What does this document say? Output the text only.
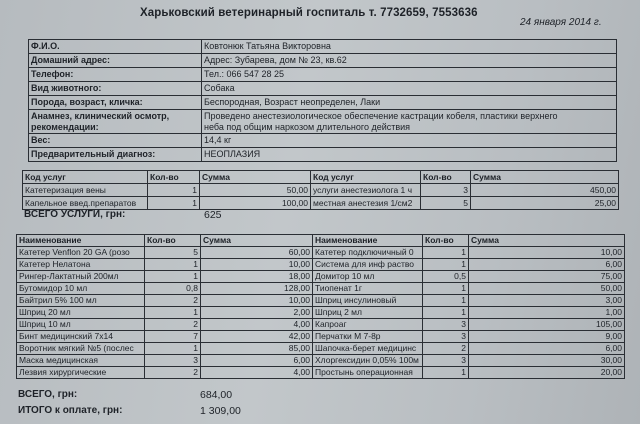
Харьковский ветеринарный госпиталь т. 7732659, 7553636
24 января 2014 г.
Ф.И.О.	Ковтонюк Татьяна Викторовна
Домашний адрес:	Адрес: Зубарева, дом № 23, кв.62
Телефон:	Тел.: 066 547 28 25
Вид животного:	Собака
Порода, возраст, кличка:	Беспородная, Возраст неопределен, Лаки
Анамнез, клинический осмотр,
рекомендации:	Проведено анестезиологическое обеспечение кастрации кобеля, пластики верхнего
неба под общим наркозом длительного действия
Вес:	14,4 кг
Предварительный диагноз:	НЕОПЛАЗИЯ
Код услуг	Кол-во	Сумма	Код услуг	Кол-во	Сумма
Катетеризация вены	1	50,00	услуги анестезиолога 1 ч	3	450,00
Капельное введ.препаратов	1	100,00	местная анестезия 1/см2	5	25,00
ВСЕГО УСЛУГИ, грн:	625
Наименование	Кол-во	Сумма	Наименование	Кол-во	Сумма
Катетер Venflon 20 GA (розо	5	60,00	Катетер подключичный 0	1	10,00
Катетер Нелатона	1	10,00	Система для инф раство	1	6,00
Рингер-Лактатный 200мл	1	18,00	Домитор 10 мл	0,5	75,00
Бутомидор 10 мл	0,8	128,00	Тиопенат 1г	1	50,00
Байтрил 5% 100 мл	2	10,00	Шприц инсулиновый	1	3,00
Шприц 20 мл	1	2,00	Шприц 2 мл	1	1,00
Шприц 10 мл	2	4,00	Капроаг	3	105,00
Бинт медицинский 7х14	7	42,00	Перчатки М 7-8р	3	9,00
Воротник мягкий №5 (послес	1	85,00	Шапочка-берет медицинс	2	6,00
Маска медицинская	3	6,00	Хлоргексидин 0,05% 100м	3	30,00
Лезвия хирургические	2	4,00	Простынь операционная	1	20,00
ВСЕГО, грн:	684,00
ИТОГО к оплате, грн:	1 309,00
